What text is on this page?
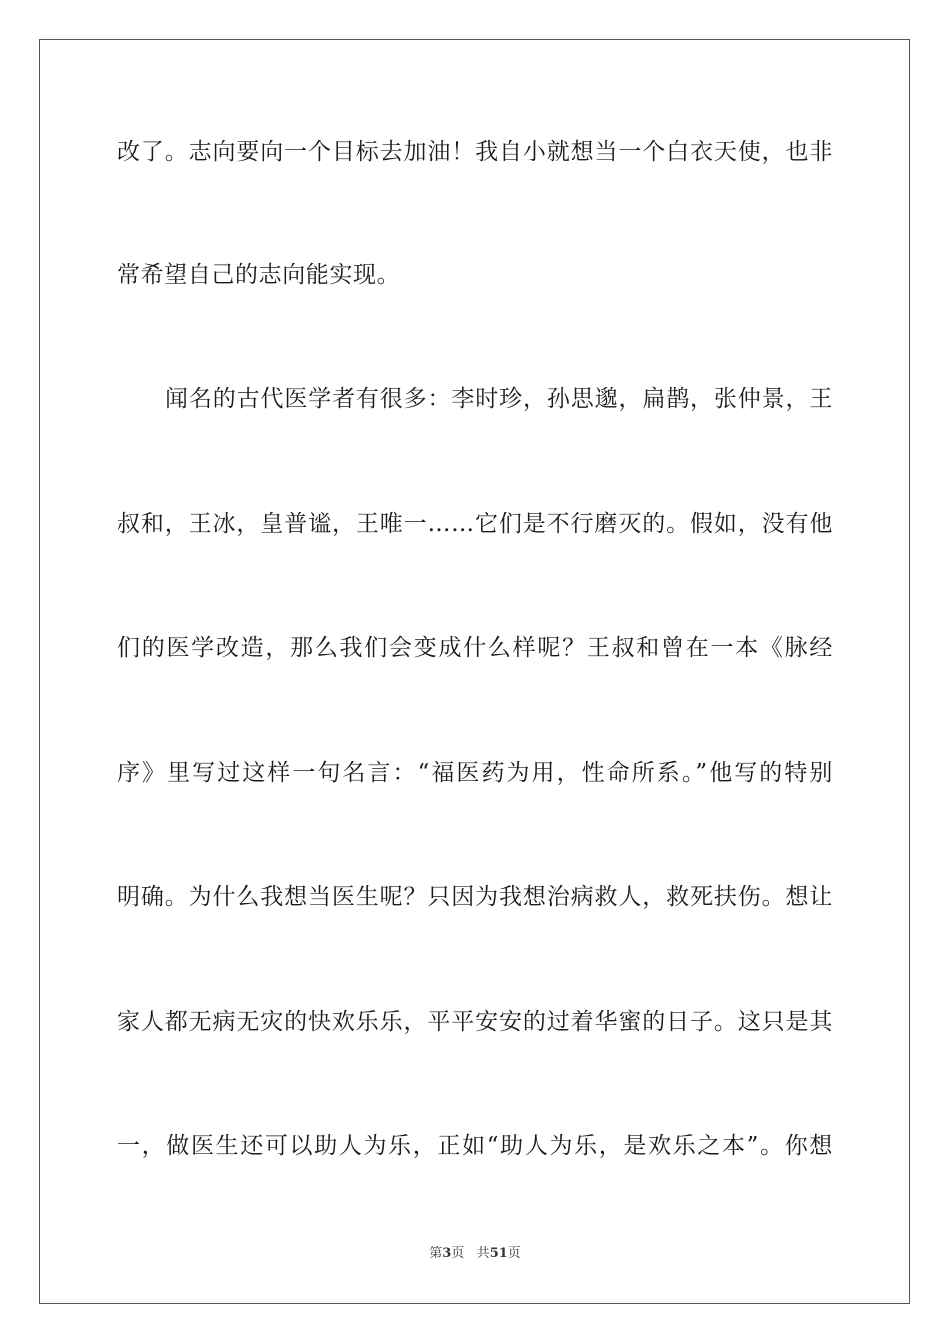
改了。志向要向一个目标去加油！我自小就想当一个白衣天使，也非
常希望自己的志向能实现。
闻名的古代医学者有很多：李时珍，孙思邈，扁鹊，张仲景，王
叔和，王冰，皇普谧，王唯一……它们是不行磨灭的。假如，没有他
们的医学改造，那么我们会变成什么样呢？王叔和曾在一本《脉经
序》里写过这样一句名言：“福医药为用，性命所系。”他写的特别
明确。为什么我想当医生呢？只因为我想治病救人，救死扶伤。想让
家人都无病无灾的快欢乐乐，平平安安的过着华蜜的日子。这只是其
一，做医生还可以助人为乐，正如“助人为乐，是欢乐之本”。你想
第3页 共51页
